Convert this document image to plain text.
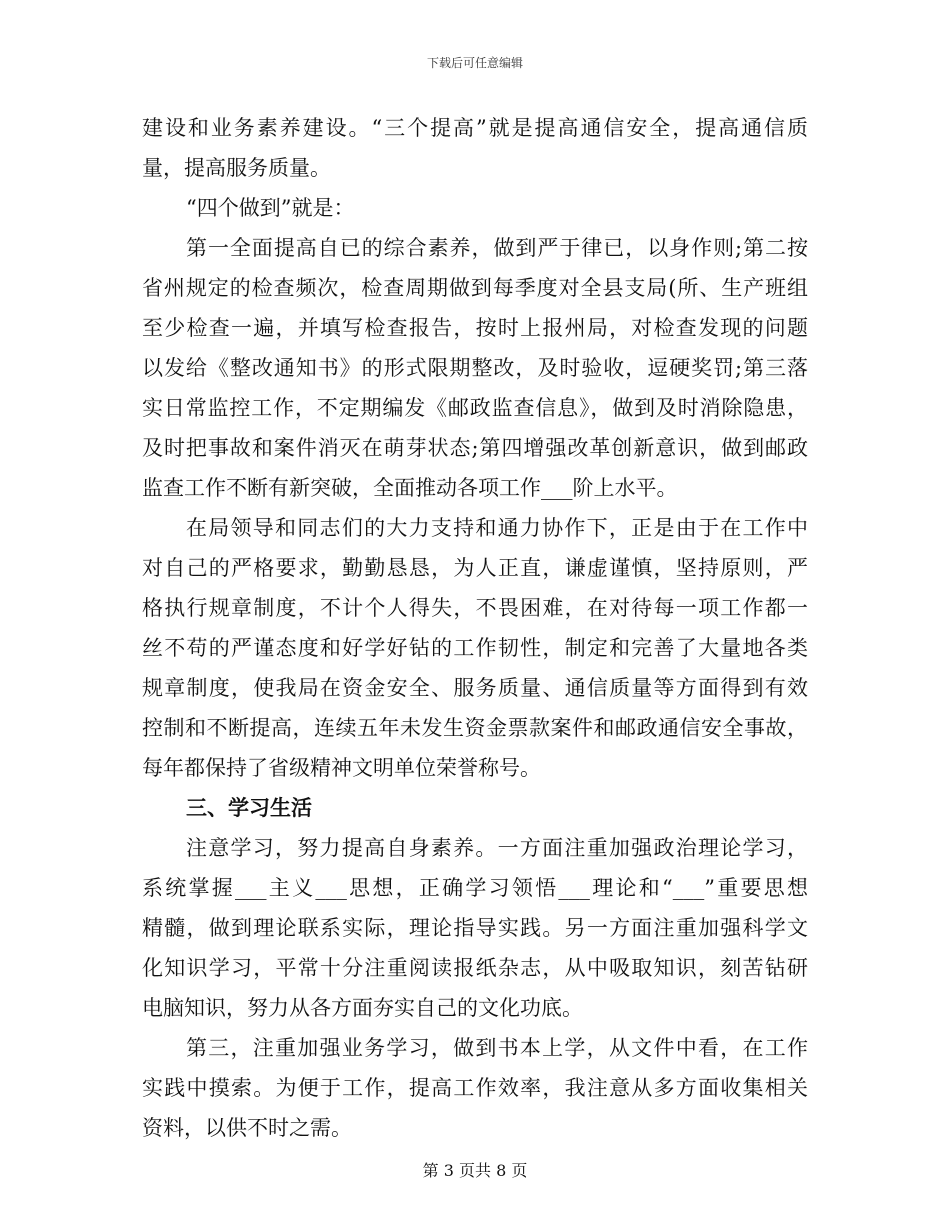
下载后可任意编辑
建设和业务素养建设。“三个提高”就是提高通信安全，提高通信质
量，提高服务质量。
“四个做到”就是：
第一全面提高自已的综合素养，做到严于律已，以身作则;第二按
省州规定的检查频次，检查周期做到每季度对全县支局(所、生产班组
至少检查一遍，并填写检查报告，按时上报州局，对检查发现的问题
以发给《整改通知书》的形式限期整改，及时验收，逗硬奖罚;第三落
实日常监控工作，不定期编发《邮政监查信息》，做到及时消除隐患，
及时把事故和案件消灭在萌芽状态;第四增强改革创新意识，做到邮政
监查工作不断有新突破，全面推动各项工作___阶上水平。
在局领导和同志们的大力支持和通力协作下，正是由于在工作中
对自己的严格要求，勤勤恳恳，为人正直，谦虚谨慎，坚持原则，严
格执行规章制度，不计个人得失，不畏困难，在对待每一项工作都一
丝不苟的严谨态度和好学好钻的工作韧性，制定和完善了大量地各类
规章制度，使我局在资金安全、服务质量、通信质量等方面得到有效
控制和不断提高，连续五年未发生资金票款案件和邮政通信安全事故，
每年都保持了省级精神文明单位荣誉称号。
三、学习生活
注意学习，努力提高自身素养。一方面注重加强政治理论学习，
系统掌握___主义___思想，正确学习领悟___理论和“___”重要思想
精髓，做到理论联系实际，理论指导实践。另一方面注重加强科学文
化知识学习，平常十分注重阅读报纸杂志，从中吸取知识，刻苦钻研
电脑知识，努力从各方面夯实自己的文化功底。
第三，注重加强业务学习，做到书本上学，从文件中看，在工作
实践中摸索。为便于工作，提高工作效率，我注意从多方面收集相关
资料，以供不时之需。
第 3 页共 8 页
